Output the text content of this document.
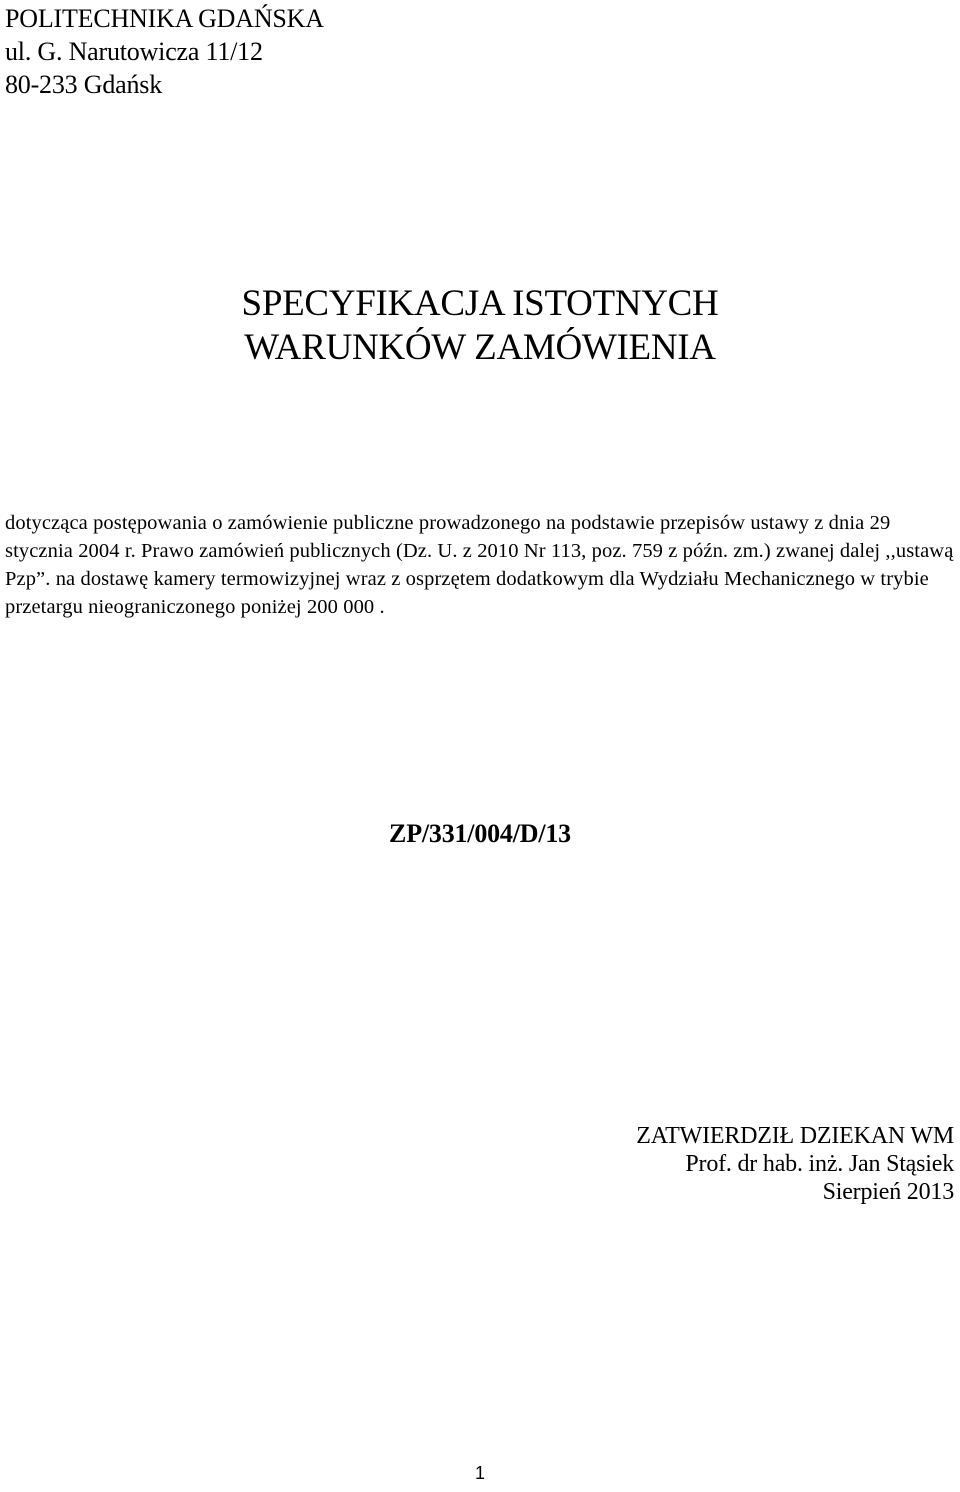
POLITECHNIKA GDAŃSKA
ul. G. Narutowicza 11/12
80-233 Gdańsk
SPECYFIKACJA ISTOTNYCH
WARUNKÓW ZAMÓWIENIA
dotycząca postępowania o zamówienie publiczne prowadzonego na podstawie przepisów ustawy z dnia 29 stycznia 2004 r. Prawo zamówień publicznych (Dz. U. z 2010 Nr 113, poz. 759 z późn. zm.) zwanej dalej ,,ustawą Pzp”. na dostawę kamery termowizyjnej wraz z osprzętem dodatkowym dla Wydziału Mechanicznego w trybie przetargu nieograniczonego poniżej 200 000 .
ZP/331/004/D/13
ZATWIERDZIŁ DZIEKAN WM
Prof. dr hab. inż. Jan Stąsiek
Sierpień 2013
1
